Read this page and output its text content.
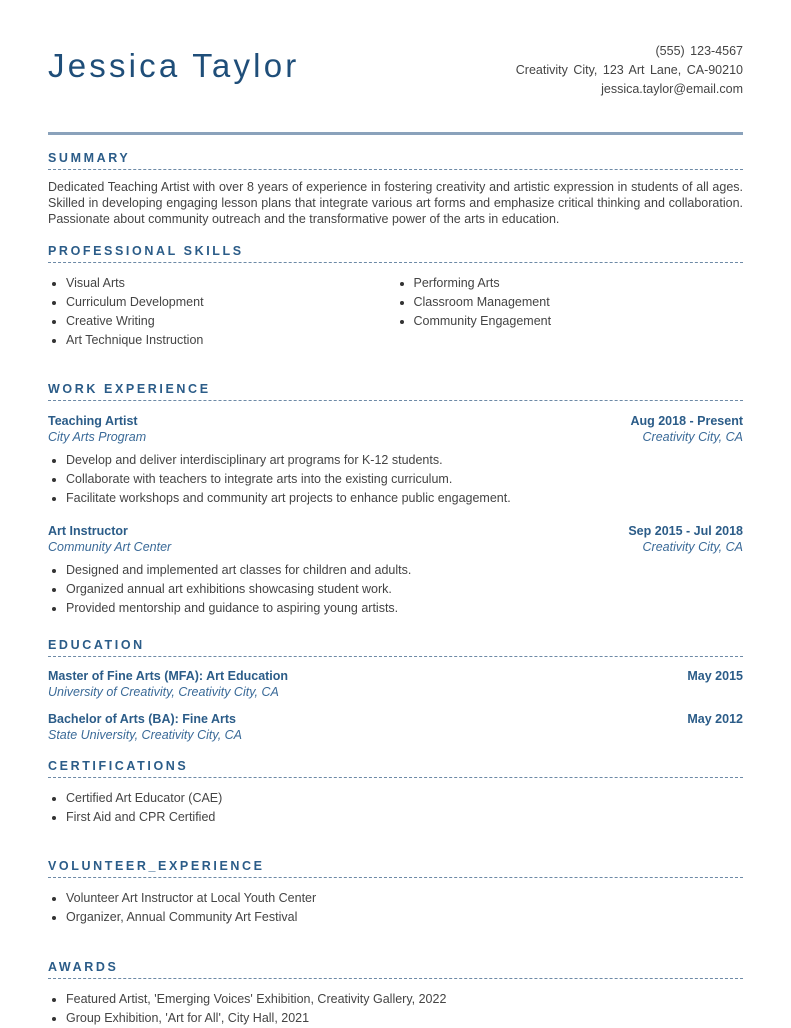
Jessica Taylor	(555) 123-4567
Creativity City, 123 Art Lane, CA-90210
jessica.taylor@email.com
SUMMARY
Dedicated Teaching Artist with over 8 years of experience in fostering creativity and artistic expression in students of all ages. Skilled in developing engaging lesson plans that integrate various art forms and emphasize critical thinking and collaboration. Passionate about community outreach and the transformative power of the arts in education.
PROFESSIONAL SKILLS
Visual Arts
Curriculum Development
Creative Writing
Art Technique Instruction
Performing Arts
Classroom Management
Community Engagement
WORK EXPERIENCE
Teaching Artist	Aug 2018 - Present
City Arts Program	Creativity City, CA
Develop and deliver interdisciplinary art programs for K-12 students.
Collaborate with teachers to integrate arts into the existing curriculum.
Facilitate workshops and community art projects to enhance public engagement.
Art Instructor	Sep 2015 - Jul 2018
Community Art Center	Creativity City, CA
Designed and implemented art classes for children and adults.
Organized annual art exhibitions showcasing student work.
Provided mentorship and guidance to aspiring young artists.
EDUCATION
Master of Fine Arts (MFA): Art Education	May 2015
University of Creativity, Creativity City, CA
Bachelor of Arts (BA): Fine Arts	May 2012
State University, Creativity City, CA
CERTIFICATIONS
Certified Art Educator (CAE)
First Aid and CPR Certified
VOLUNTEER_EXPERIENCE
Volunteer Art Instructor at Local Youth Center
Organizer, Annual Community Art Festival
AWARDS
Featured Artist, 'Emerging Voices' Exhibition, Creativity Gallery, 2022
Group Exhibition, 'Art for All', City Hall, 2021
